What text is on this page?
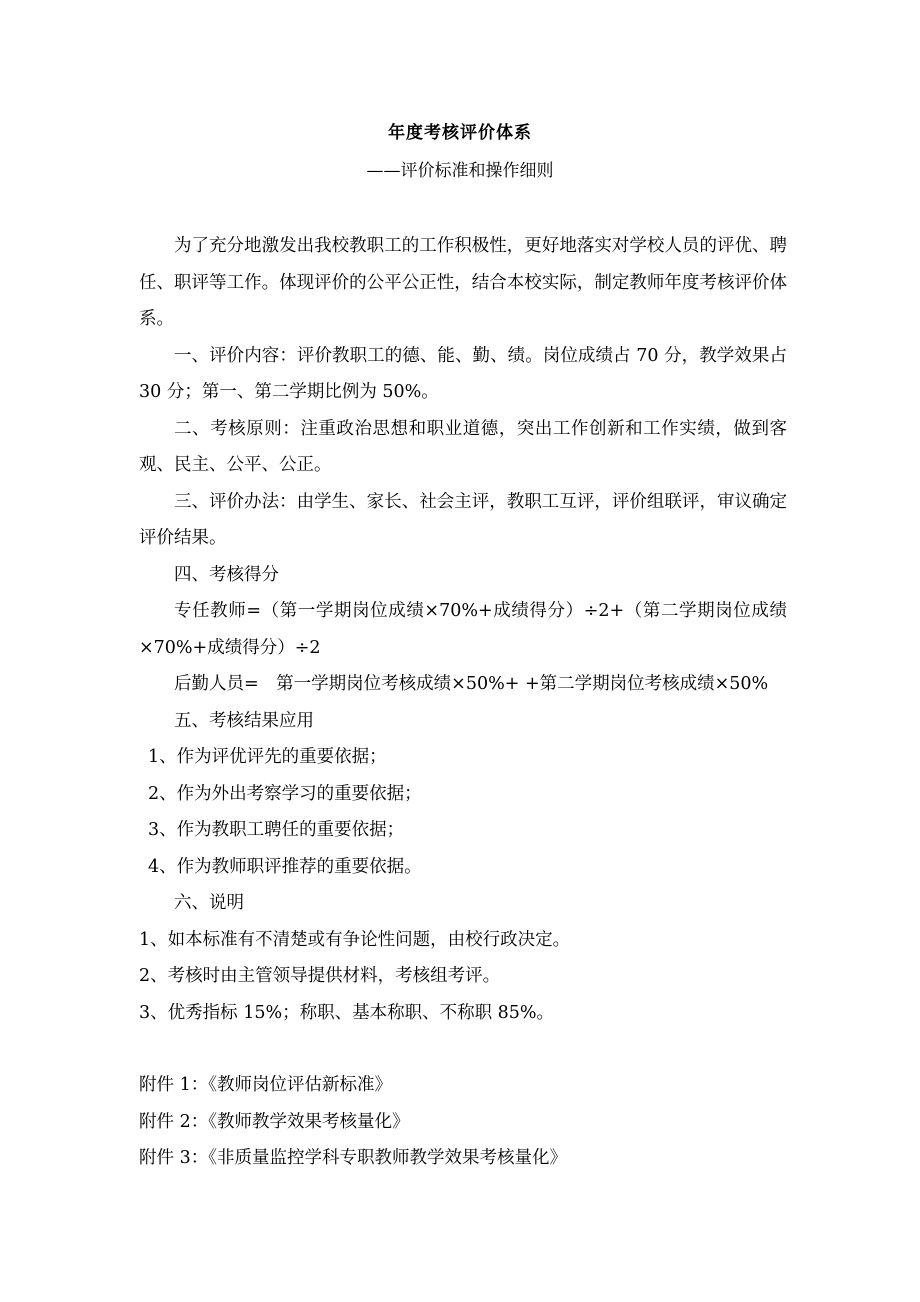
年度考核评价体系
——评价标准和操作细则

为了充分地激发出我校教职工的工作积极性，更好地落实对学校人员的评优、聘任、职评等工作。体现评价的公平公正性，结合本校实际，制定教师年度考核评价体系。

一、评价内容：评价教职工的德、能、勤、绩。岗位成绩占 70 分，教学效果占 30 分；第一、第二学期比例为 50%。

二、考核原则：注重政治思想和职业道德，突出工作创新和工作实绩，做到客观、民主、公平、公正。

三、评价办法：由学生、家长、社会主评，教职工互评，评价组联评，审议确定评价结果。

四、考核得分

专任教师=（第一学期岗位成绩×70%+成绩得分）÷2+（第二学期岗位成绩×70%+成绩得分）÷2

后勤人员=　第一学期岗位考核成绩×50%+ +第二学期岗位考核成绩×50%

五、考核结果应用

1、作为评优评先的重要依据；

2、作为外出考察学习的重要依据；

3、作为教职工聘任的重要依据；

4、作为教师职评推荐的重要依据。

六、说明

1、如本标准有不清楚或有争论性问题，由校行政决定。

2、考核时由主管领导提供材料，考核组考评。

3、优秀指标 15%；称职、基本称职、不称职 85%。

附件 1：《教师岗位评估新标准》

附件 2：《教师教学效果考核量化》

附件 3：《非质量监控学科专职教师教学效果考核量化》
